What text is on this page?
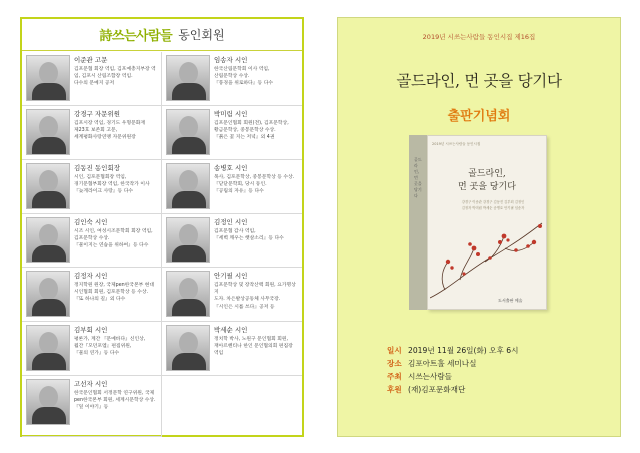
詩쓰는사람들 동인회원
이준관 고문
김포문협 회장 역임, 김포예총지부장 역
임, 김포시 산림조합장 역임.
다수의 문예지 공저
임송자 시인
한국산림문학회 이사 역임,
산림문학상 수상.
『풍경을 위로하다』등 다수
강경구 자문위원
김포시장 역임, 경기도 우형문화재
제23호 보존회 고문,
세계평화사랑연맹 자문위원장
박미림 시인
김포문인협회 회원(전), 김포문학상,
황금문학상, 중봉문학상 수상.
『붉은 꽃 지는 저녁』외 4권
김동진 동인회장
시인, 김포문협회장 역임,
경기문협부회장 역임, 한국작가 이사
『늦게라이크 사랑』등 다수
송병호 시인
목사, 김포문학상, 중봉문학상 등 수상.
『닫닫문학회, 당시 동인.
『공림의 자유』등 다수
김인숙 시인
시조 시인, 여성시조문학회 회장 역임,
김포문학상 수상.
『물이지는 연습을 위하여』등 다수
김정인 시인
김포문협 감사 역임,
『세벽 깨우는 햇살소리』등 다수
김정자 시인
정지학원 원장, 국제pen한국본부 현대
시인협회 회원, 김포문학상 등 수상.
『또 하나의 길』외 다수
안기필 시인
김포문학상 및 장작산맥 회원, 요가명상지
도자. 차은발상공동체 사무국장.
『시인은 시를 쓰다』공저 등
김부회 시인
평론가, 계간 『문예바다』신인상,
월간『모던포엠』편집위원,
『물의 연가』등 다수
박세순 시인
정치학 박사, 노원구 문인협회 회원,
재아르헨티나 한인 문인협의회 편집장
역임
고선자 시인
한국문인협회 서정문학 연구위원, 국제
pen한국본부 회원, 세계시문학상 수상.
『잎 이야기』등
2019년 시쓰는사람들 동인시집 제16집
골드라인, 먼 곳을 당기다
출판기념회
골드라인, 먼 곳을 당기다
2019년 시쓰는사람들 동인시집
골드라인,
먼 곳을 당기다
강경구 이준관 강경구 김동진 김부회 김정인
김정자 박미림 박세순 송병호 안기필 임송자
도서출판 예술
일시 2019년 11월 26일(화) 오후 6시
장소 김포아트홀 세미나실
주최 시쓰는사람들
후원 (재)김포문화재단
